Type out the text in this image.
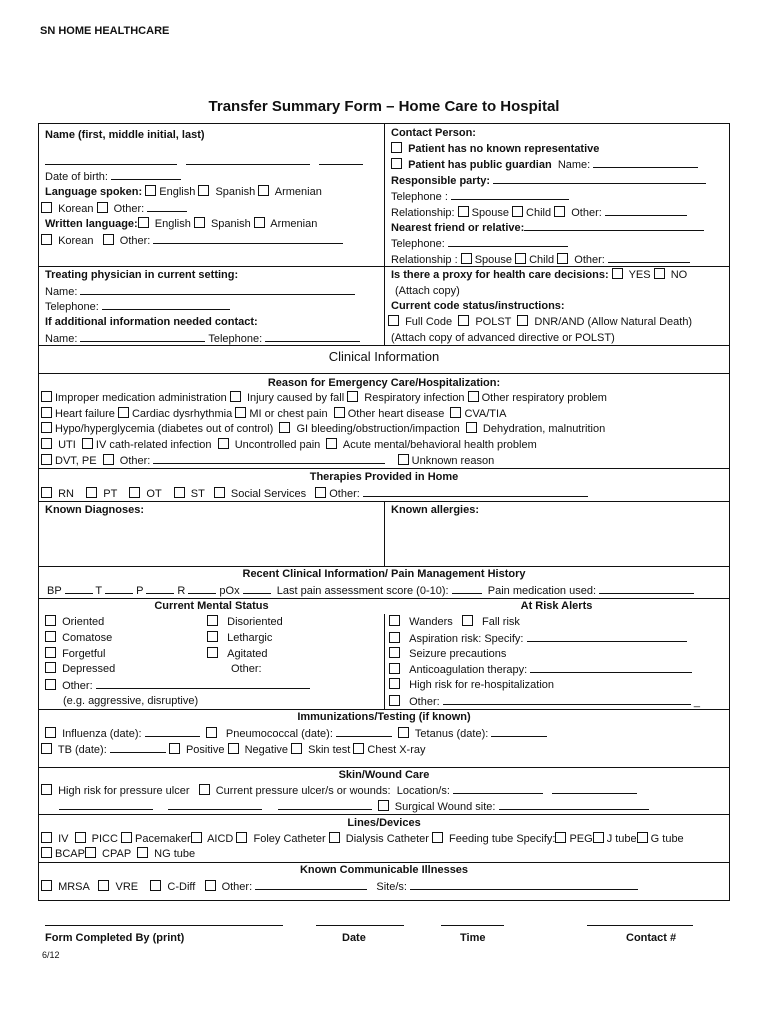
SN HOME HEALTHCARE
Transfer Summary Form – Home Care to Hospital
Name (first, middle initial, last)

Date of birth:
Language spoken: English Spanish Armenian
Korean Other:
Written language: English Spanish Armenian
Korean Other:
Contact Person:
Patient has no known representative
Patient has public guardian Name:
Responsible party:
Telephone :
Relationship: Spouse Child Other:
Nearest friend or relative:
Telephone:
Relationship : Spouse Child Other:
Treating physician in current setting:
Name:
Telephone:
If additional information needed contact:
Name:	Telephone:
Is there a proxy for health care decisions: YES NO
(Attach copy)
Current code status/instructions:
Full Code POLST DNR/AND (Allow Natural Death)
(Attach copy of advanced directive or POLST)
Clinical Information
Reason for Emergency Care/Hospitalization:
Improper medication administration Injury caused by fall Respiratory infection Other respiratory problem
Heart failure Cardiac dysrhythmia MI or chest pain Other heart disease CVA/TIA
Hypo/hyperglycemia (diabetes out of control) GI bleeding/obstruction/impaction Dehydration, malnutrition
UTI IV cath-related infection Uncontrolled pain Acute mental/behavioral health problem
DVT, PE Other:	Unknown reason
Therapies Provided in Home
RN	PT	OT	ST Social Services Other:
Known Diagnoses:	Known allergies:
Recent Clinical Information/ Pain Management History
BP	T	P	R	pOx	Last pain assessment score (0-10):	Pain medication used:
Current Mental Status
Oriented
Comatose
Forgetful
Depressed
Other:
(e.g. aggressive, disruptive)
Disoriented
Lethargic
Agitated
Other:
At Risk Alerts
Wanders	Fall risk
Aspiration risk: Specify:
Seizure precautions
Anticoagulation therapy:
High risk for re-hospitalization
Other:	_
Immunizations/Testing (if known)
Influenza (date):	Pneumococcal (date):	Tetanus (date):
TB (date):	Positive Negative Skin test Chest X-ray
Skin/Wound Care
High risk for pressure ulcer Current pressure ulcer/s or wounds: Location/s:
Surgical Wound site:
Lines/Devices
IV PICC Pacemaker AICD Foley Catheter Dialysis Catheter Feeding tube Specify: PEG J tube G tube
BCAP CPAP NG tube
Known Communicable Illnesses
MRSA VRE	C-Diff Other:	Site/s:
Form Completed By (print)	Date	Time	Contact #
6/12
